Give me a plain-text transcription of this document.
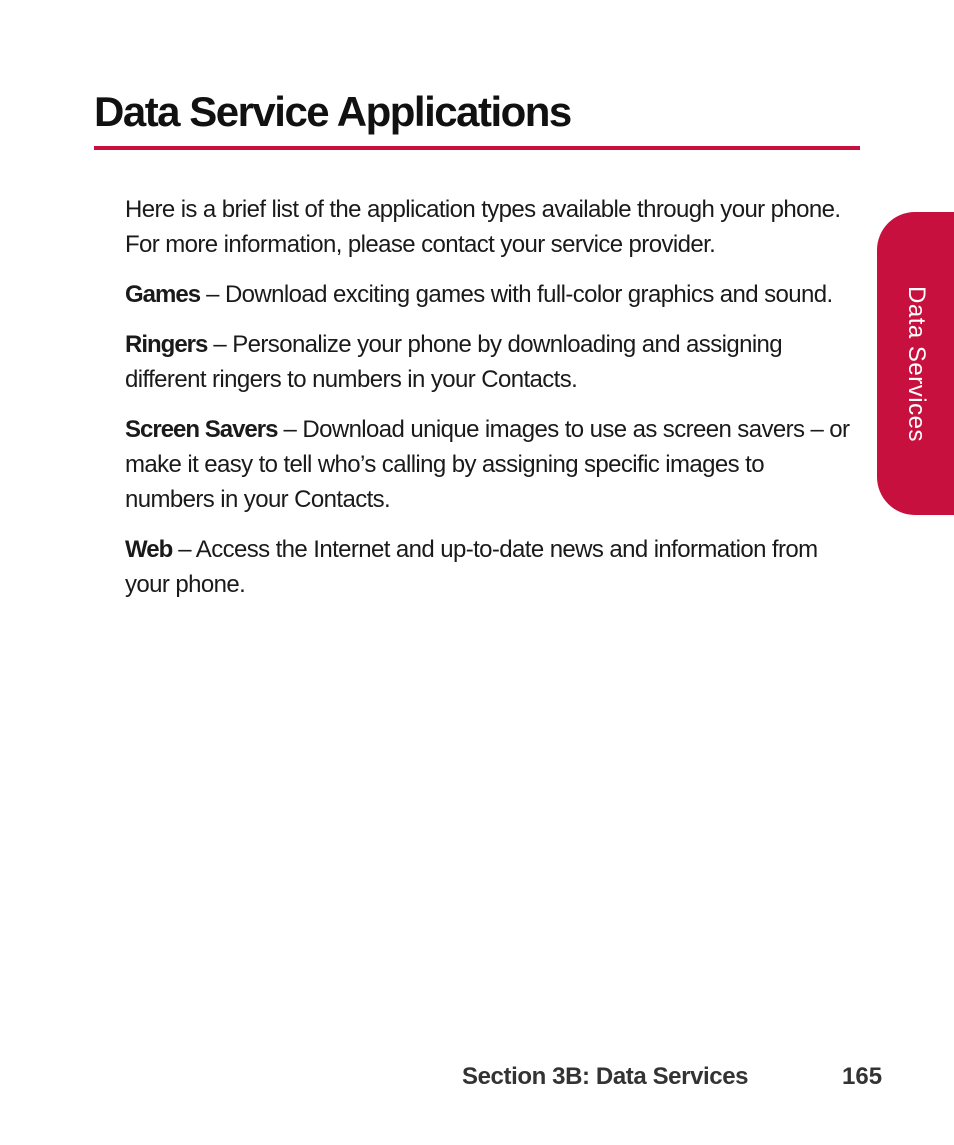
Data Service Applications

Here is a brief list of the application types available through your phone. For more information, please contact your service provider.

Games – Download exciting games with full-color graphics and sound.

Ringers – Personalize your phone by downloading and assigning different ringers to numbers in your Contacts.

Screen Savers – Download unique images to use as screen savers – or make it easy to tell who’s calling by assigning specific images to numbers in your Contacts.

Web – Access the Internet and up-to-date news and information from your phone.

Data Services
Section 3B: Data Services	165
